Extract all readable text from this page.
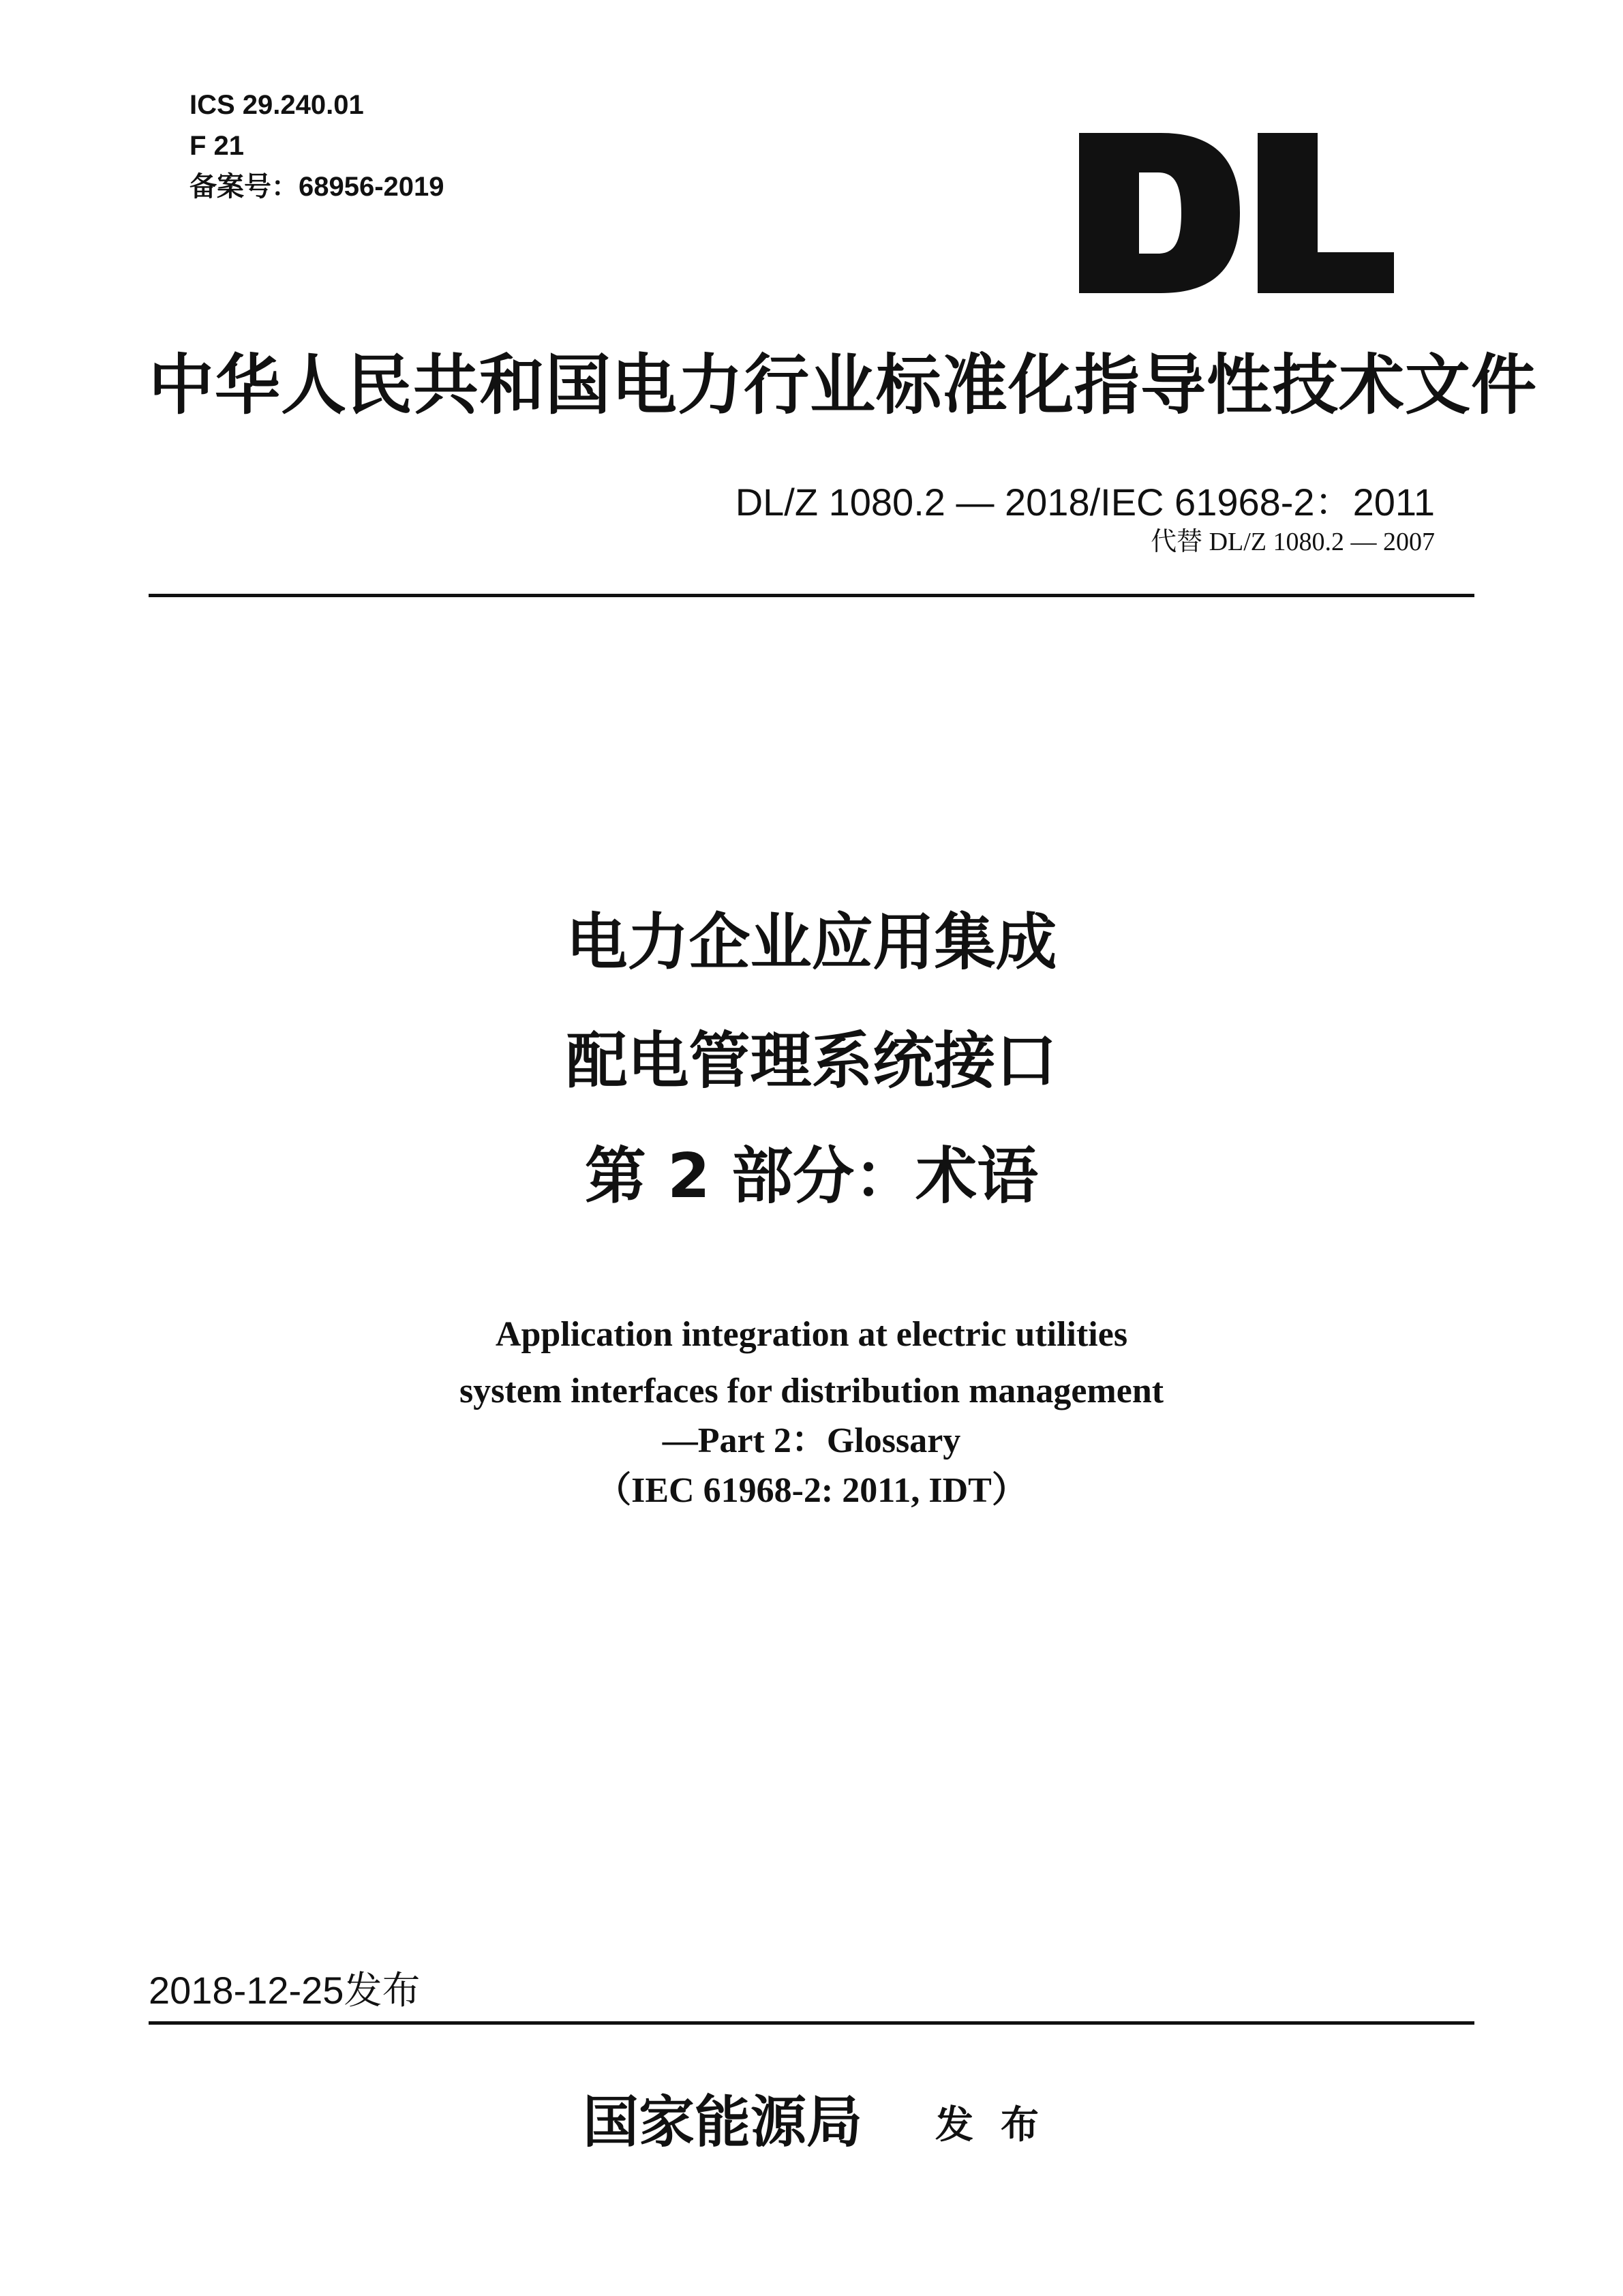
ICS 29.240.01
F 21
备案号：68956-2019
中华人民共和国电力行业标准化指导性技术文件
DL/Z 1080.2 — 2018/IEC 61968-2：2011
代替 DL/Z 1080.2 — 2007
电力企业应用集成
配电管理系统接口
第 2 部分：术语
Application integration at electric utilities
system interfaces for distribution management
—Part 2：Glossary
（IEC 61968-2: 2011, IDT）
2018-12-25发布
国家能源局 发布
